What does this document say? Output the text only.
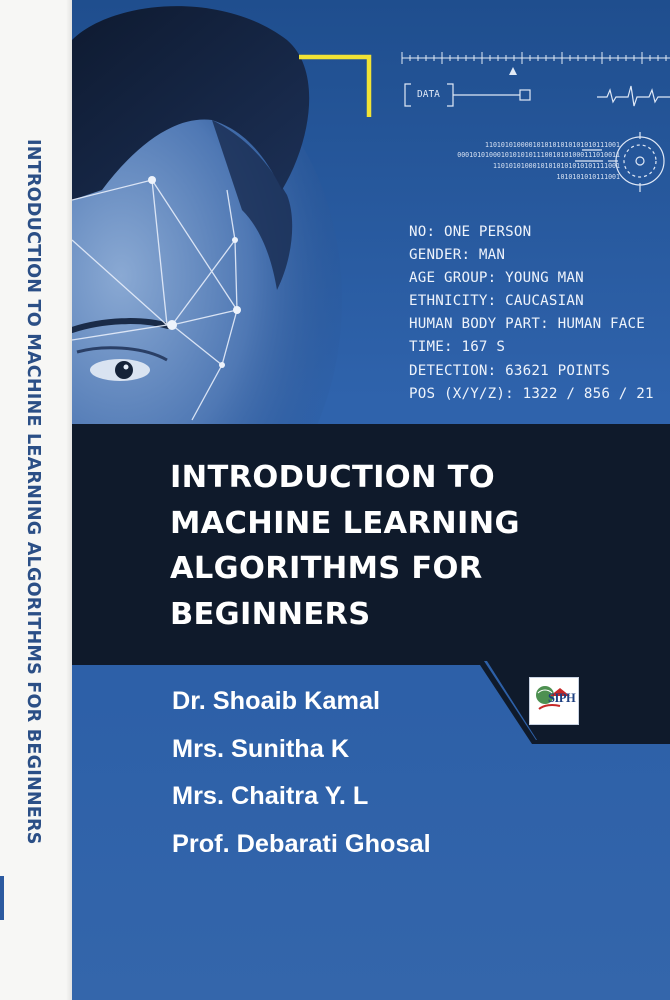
INTRODUCTION TO MACHINE LEARNING ALGORITHMS FOR BEGINNERS
DATA
1101010100001010101010101010111001
00010101000101010101110010101000111010011
11010101000101010101010101111001
1010101010111001
NO: ONE PERSON
GENDER: MAN
AGE GROUP: YOUNG MAN
ETHNICITY: CAUCASIAN
HUMAN BODY PART: HUMAN FACE
TIME: 167 S
DETECTION: 63621 POINTS
POS (X/Y/Z): 1322 / 856 / 21
INTRODUCTION TO
MACHINE LEARNING
ALGORITHMS FOR
BEGINNERS
Dr. Shoaib Kamal
Mrs. Sunitha K
Mrs. Chaitra Y. L
Prof. Debarati Ghosal
SIPH
